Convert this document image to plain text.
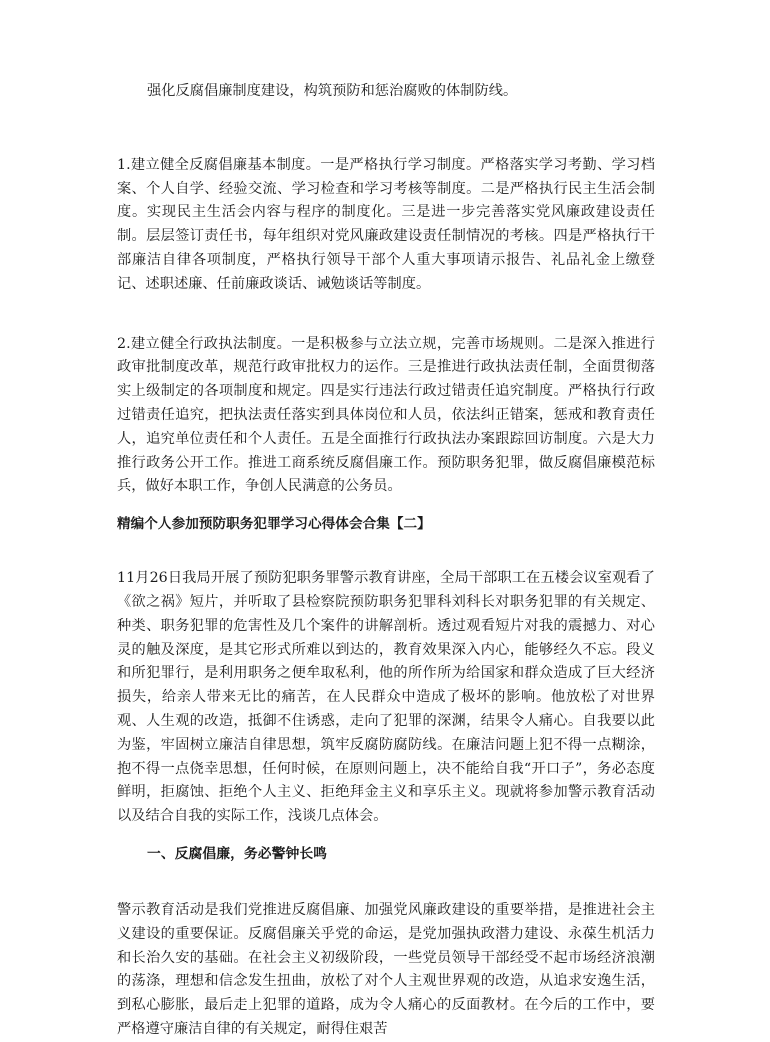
强化反腐倡廉制度建设，构筑预防和惩治腐败的体制防线。

1.建立健全反腐倡廉基本制度。一是严格执行学习制度。严格落实学习考勤、学习档案、个人自学、经验交流、学习检查和学习考核等制度。二是严格执行民主生活会制度。实现民主生活会内容与程序的制度化。三是进一步完善落实党风廉政建设责任制。层层签订责任书，每年组织对党风廉政建设责任制情况的考核。四是严格执行干部廉洁自律各项制度，严格执行领导干部个人重大事项请示报告、礼品礼金上缴登记、述职述廉、任前廉政谈话、诫勉谈话等制度。

2.建立健全行政执法制度。一是积极参与立法立规，完善市场规则。二是深入推进行政审批制度改革，规范行政审批权力的运作。三是推进行政执法责任制，全面贯彻落实上级制定的各项制度和规定。四是实行违法行政过错责任追究制度。严格执行行政过错责任追究，把执法责任落实到具体岗位和人员，依法纠正错案，惩戒和教育责任人，追究单位责任和个人责任。五是全面推行行政执法办案跟踪回访制度。六是大力推行政务公开工作。推进工商系统反腐倡廉工作。预防职务犯罪，做反腐倡廉模范标兵，做好本职工作，争创人民满意的公务员。

精编个人参加预防职务犯罪学习心得体会合集【二】

11月26日我局开展了预防犯职务罪警示教育讲座，全局干部职工在五楼会议室观看了《欲之祸》短片，并听取了县检察院预防职务犯罪科刘科长对职务犯罪的有关规定、种类、职务犯罪的危害性及几个案件的讲解剖析。透过观看短片对我的震撼力、对心灵的触及深度，是其它形式所难以到达的，教育效果深入内心，能够经久不忘。段义和所犯罪行，是利用职务之便牟取私利，他的所作所为给国家和群众造成了巨大经济损失，给亲人带来无比的痛苦，在人民群众中造成了极坏的影响。他放松了对世界观、人生观的改造，抵御不住诱惑，走向了犯罪的深渊，结果令人痛心。自我要以此为鉴，牢固树立廉洁自律思想，筑牢反腐防腐防线。在廉洁问题上犯不得一点糊涂，抱不得一点侥幸思想，任何时候，在原则问题上，决不能给自我“开口子”，务必态度鲜明，拒腐蚀、拒绝个人主义、拒绝拜金主义和享乐主义。现就将参加警示教育活动以及结合自我的实际工作，浅谈几点体会。

一、反腐倡廉，务必警钟长鸣

警示教育活动是我们党推进反腐倡廉、加强党风廉政建设的重要举措，是推进社会主义建设的重要保证。反腐倡廉关乎党的命运，是党加强执政潜力建设、永葆生机活力和长治久安的基础。在社会主义初级阶段，一些党员领导干部经受不起市场经济浪潮的荡涤，理想和信念发生扭曲，放松了对个人主观世界观的改造，从追求安逸生活，到私心膨胀，最后走上犯罪的道路，成为令人痛心的反面教材。在今后的工作中，要严格遵守廉洁自律的有关规定，耐得住艰苦
